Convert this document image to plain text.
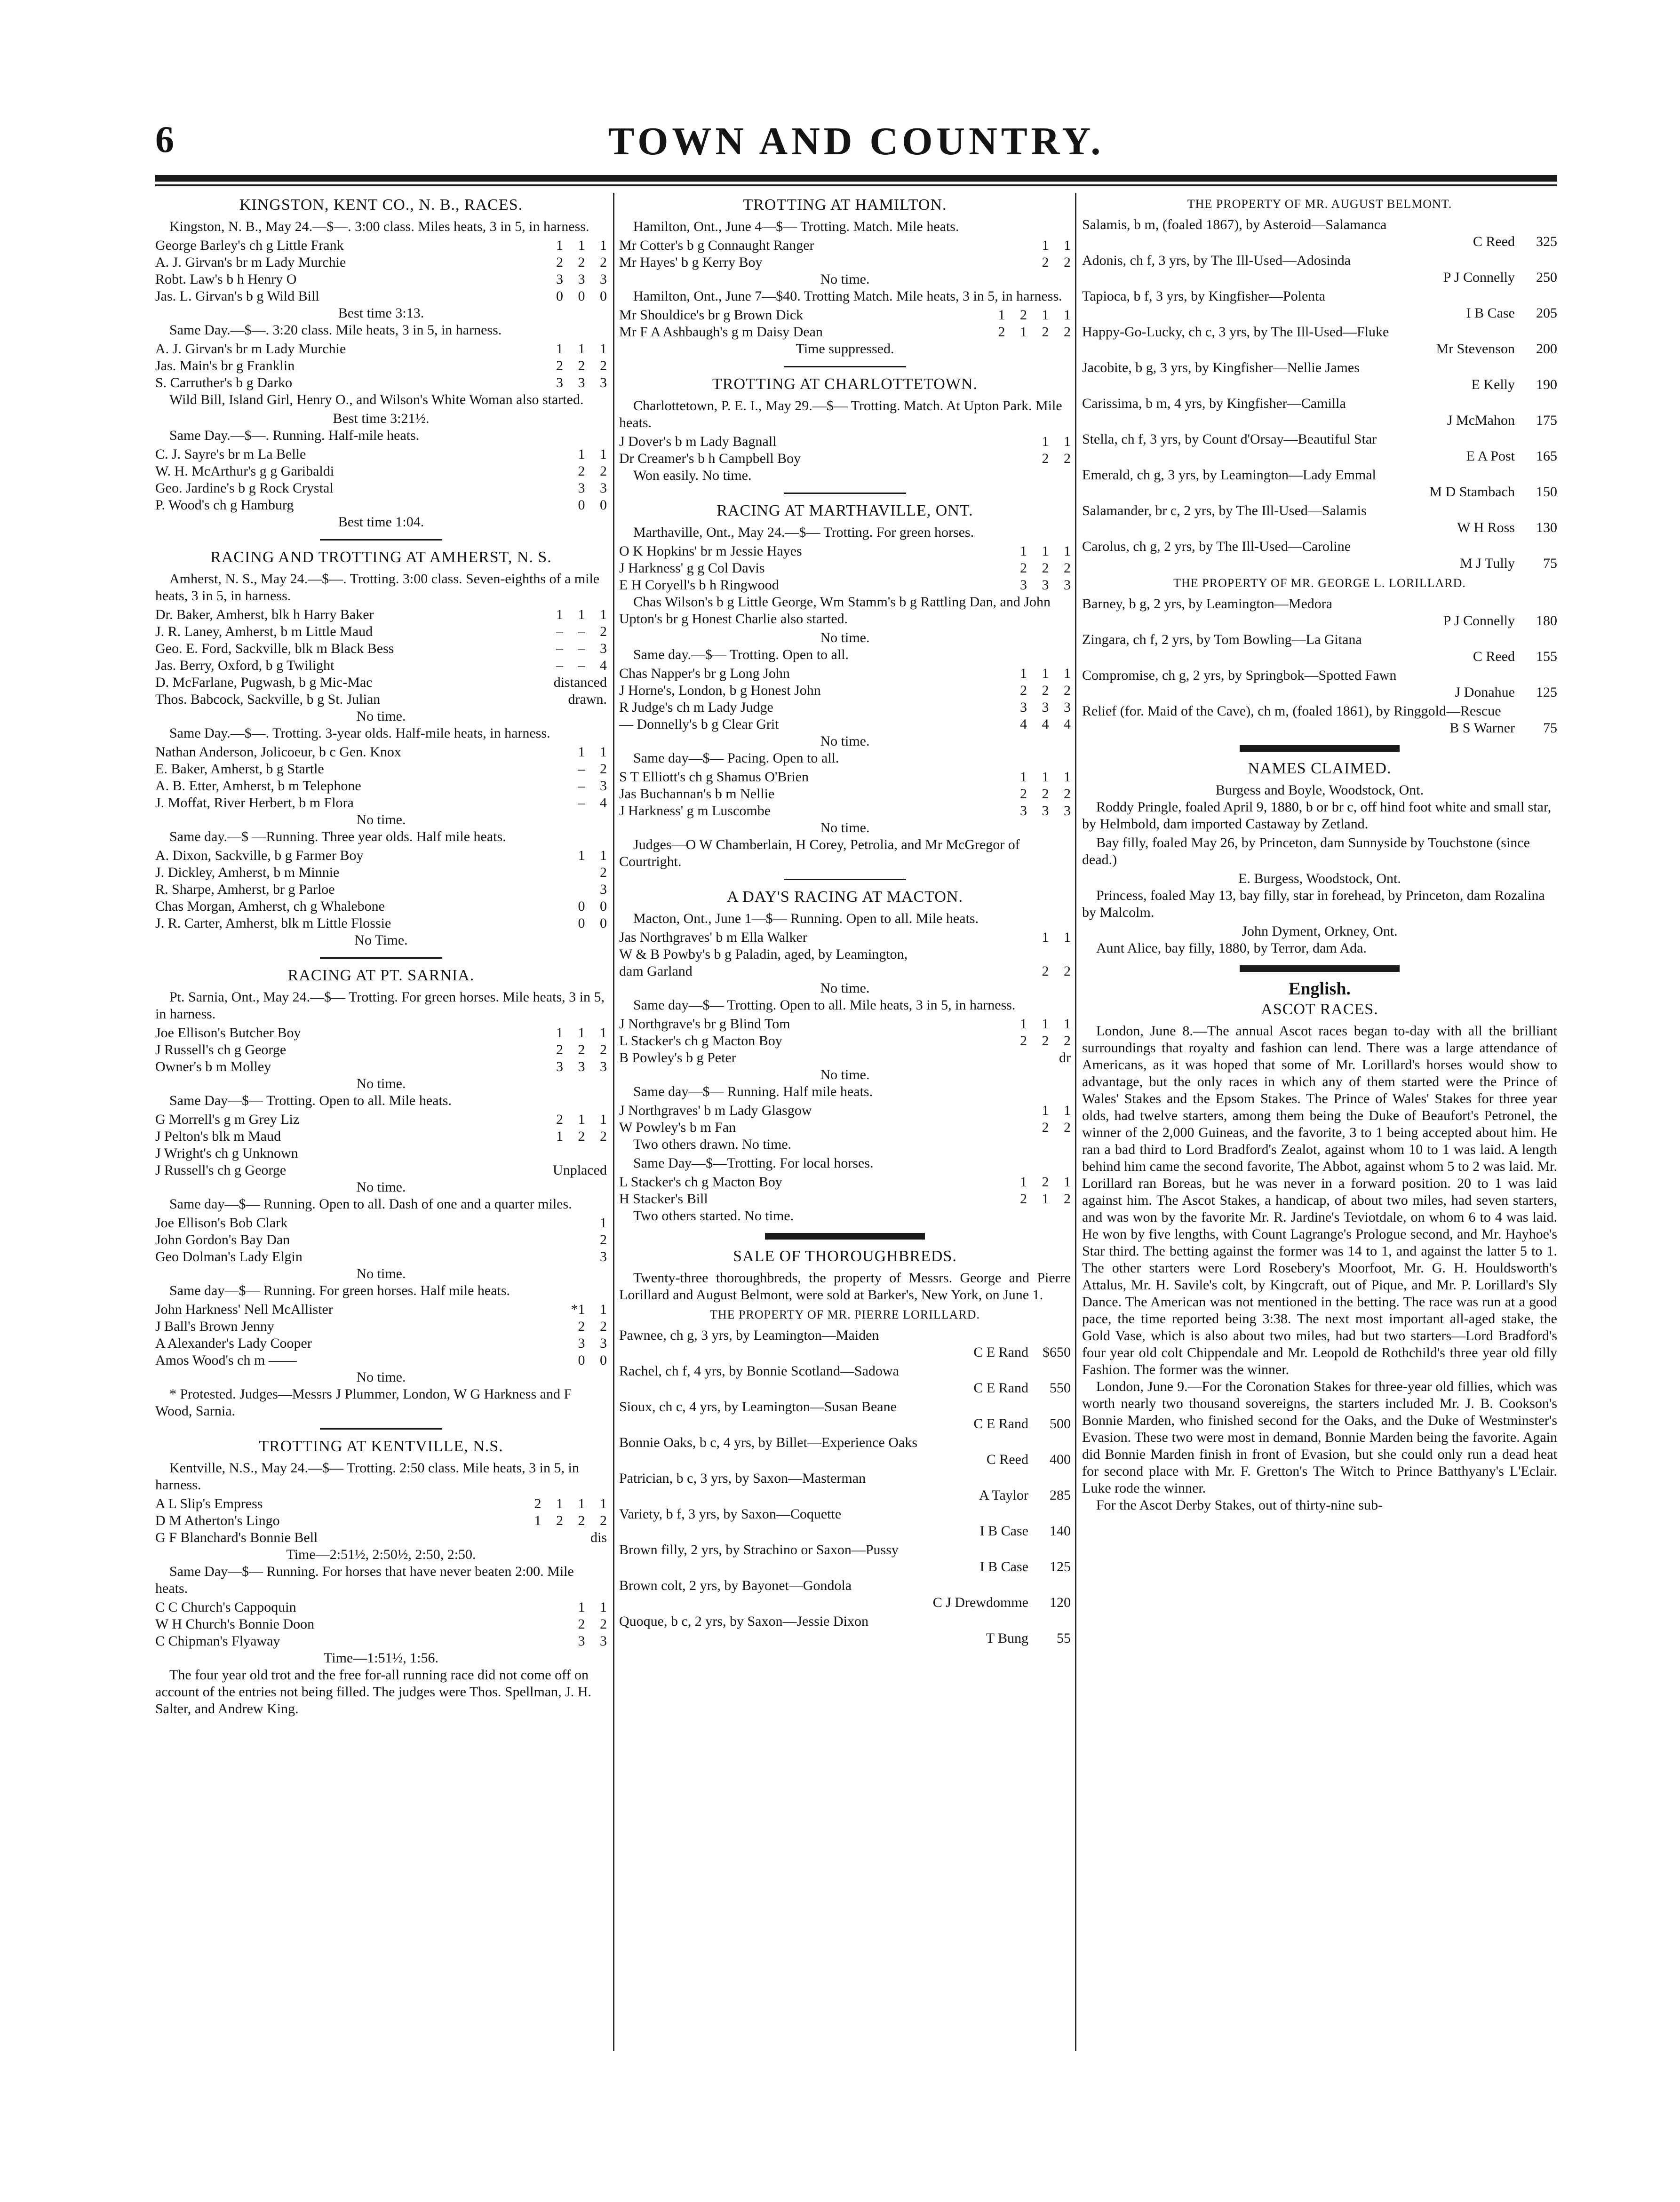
6	TOWN AND COUNTRY.
KINGSTON, KENT CO., N. B., RACES.

Kingston, N. B., May 24.—$—. 3:00 class. Miles heats, 3 in 5, in harness.

George Barley's ch g Little Frank	1 1 1
A. J. Girvan's br m Lady Murchie	2 2 2
Robt. Law's b h Henry O	3 3 3
Jas. L. Girvan's b g Wild Bill	0 0 0

Best time 3:13.

Same Day.—$—. 3:20 class. Mile heats, 3 in 5, in harness.

A. J. Girvan's br m Lady Murchie	1 1 1
Jas. Main's br g Franklin	2 2 2
S. Carruther's b g Darko	3 3 3

Wild Bill, Island Girl, Henry O., and Wilson's White Woman also started.

Best time 3:21½.

Same Day.—$—. Running. Half-mile heats.

C. J. Sayre's br m La Belle	1 1
W. H. McArthur's g g Garibaldi	2 2
Geo. Jardine's b g Rock Crystal	3 3
P. Wood's ch g Hamburg	0 0

Best time 1:04.

RACING AND TROTTING AT AMHERST, N. S.

Amherst, N. S., May 24.—$—. Trotting. 3:00 class. Seven-eighths of a mile heats, 3 in 5, in harness.

Dr. Baker, Amherst, blk h Harry Baker	1 1 1
J. R. Laney, Amherst, b m Little Maud	– – 2
Geo. E. Ford, Sackville, blk m Black Bess	– – 3
Jas. Berry, Oxford, b g Twilight	– – 4
D. McFarlane, Pugwash, b g Mic-Mac	distanced
Thos. Babcock, Sackville, b g St. Julian	drawn.

No time.

Same Day.—$—. Trotting. 3-year olds. Half-mile heats, in harness.

Nathan Anderson, Jolicoeur, b c Gen. Knox	1 1
E. Baker, Amherst, b g Startle	– 2
A. B. Etter, Amherst, b m Telephone	– 3
J. Moffat, River Herbert, b m Flora	– 4

No time.

Same day.—$ —Running. Three year olds. Half mile heats.

A. Dixon, Sackville, b g Farmer Boy	1 1
J. Dickley, Amherst, b m Minnie	2
R. Sharpe, Amherst, br g Parloe	3
Chas Morgan, Amherst, ch g Whalebone	0 0
J. R. Carter, Amherst, blk m Little Flossie	0 0

No Time.

RACING AT PT. SARNIA.

Pt. Sarnia, Ont., May 24.—$— Trotting. For green horses. Mile heats, 3 in 5, in harness.

Joe Ellison's Butcher Boy	1 1 1
J Russell's ch g George	2 2 2
Owner's b m Molley	3 3 3

No time.

Same Day—$— Trotting. Open to all. Mile heats.

G Morrell's g m Grey Liz	2 1 1
J Pelton's blk m Maud	1 2 2
J Wright's ch g Unknown
J Russell's ch g George	Unplaced

No time.

Same day—$— Running. Open to all. Dash of one and a quarter miles.

Joe Ellison's Bob Clark	1
John Gordon's Bay Dan	2
Geo Dolman's Lady Elgin	3

No time.

Same day—$— Running. For green horses. Half mile heats.

John Harkness' Nell McAllister	*1 1
J Ball's Brown Jenny	2 2
A Alexander's Lady Cooper	3 3
Amos Wood's ch m ——	0 0

No time.

* Protested. Judges—Messrs J Plummer, London, W G Harkness and F Wood, Sarnia.

TROTTING AT KENTVILLE, N.S.

Kentville, N.S., May 24.—$— Trotting. 2:50 class. Mile heats, 3 in 5, in harness.

A L Slip's Empress	2 1 1 1
D M Atherton's Lingo	1 2 2 2
G F Blanchard's Bonnie Bell	dis

Time—2:51½, 2:50½, 2:50, 2:50.

Same Day—$— Running. For horses that have never beaten 2:00. Mile heats.

C C Church's Cappoquin	1 1
W H Church's Bonnie Doon	2 2
C Chipman's Flyaway	3 3

Time—1:51½, 1:56.

The four year old trot and the free for-all running race did not come off on account of the entries not being filled. The judges were Thos. Spellman, J. H. Salter, and Andrew King.

TROTTING AT HAMILTON.

Hamilton, Ont., June 4—$— Trotting. Match. Mile heats.

Mr Cotter's b g Connaught Ranger	1 1
Mr Hayes' b g Kerry Boy	2 2

No time.

Hamilton, Ont., June 7—$40. Trotting Match. Mile heats, 3 in 5, in harness.

Mr Shouldice's br g Brown Dick	1 2 1 1
Mr F A Ashbaugh's g m Daisy Dean	2 1 2 2

Time suppressed.

TROTTING AT CHARLOTTETOWN.

Charlottetown, P. E. I., May 29.—$— Trotting. Match. At Upton Park. Mile heats.

J Dover's b m Lady Bagnall	1 1
Dr Creamer's b h Campbell Boy	2 2

Won easily. No time.

RACING AT MARTHAVILLE, ONT.

Marthaville, Ont., May 24.—$— Trotting. For green horses.

O K Hopkins' br m Jessie Hayes	1 1 1
J Harkness' g g Col Davis	2 2 2
E H Coryell's b h Ringwood	3 3 3

Chas Wilson's b g Little George, Wm Stamm's b g Rattling Dan, and John Upton's br g Honest Charlie also started.

No time.

Same day.—$— Trotting. Open to all.

Chas Napper's br g Long John	1 1 1
J Horne's, London, b g Honest John	2 2 2
R Judge's ch m Lady Judge	3 3 3
— Donnelly's b g Clear Grit	4 4 4

No time.

Same day—$— Pacing. Open to all.

S T Elliott's ch g Shamus O'Brien	1 1 1
Jas Buchannan's b m Nellie	2 2 2
J Harkness' g m Luscombe	3 3 3

No time.

Judges—O W Chamberlain, H Corey, Petrolia, and Mr McGregor of Courtright.

A DAY'S RACING AT MACTON.

Macton, Ont., June 1—$— Running. Open to all. Mile heats.

Jas Northgraves' b m Ella Walker	1 1
W & B Powby's b g Paladin, aged, by Leamington,
dam Garland	2 2

No time.

Same day—$— Trotting. Open to all. Mile heats, 3 in 5, in harness.

J Northgrave's br g Blind Tom	1 1 1
L Stacker's ch g Macton Boy	2 2 2
B Powley's b g Peter	dr

No time.

Same day—$— Running. Half mile heats.

J Northgraves' b m Lady Glasgow	1 1
W Powley's b m Fan	2 2

Two others drawn. No time.

Same Day—$—Trotting. For local horses.

L Stacker's ch g Macton Boy	1 2 1
H Stacker's Bill	2 1 2

Two others started. No time.

SALE OF THOROUGHBREDS.

Twenty-three thoroughbreds, the property of Messrs. George and Pierre Lorillard and August Belmont, were sold at Barker's, New York, on June 1.

THE PROPERTY OF MR. PIERRE LORILLARD.
Pawnee, ch g, 3 yrs, by Leamington—Maiden
C E Rand	$650
Rachel, ch f, 4 yrs, by Bonnie Scotland—Sadowa
C E Rand	550
Sioux, ch c, 4 yrs, by Leamington—Susan Beane
C E Rand	500
Bonnie Oaks, b c, 4 yrs, by Billet—Experience Oaks
C Reed	400
Patrician, b c, 3 yrs, by Saxon—Masterman
A Taylor	285
Variety, b f, 3 yrs, by Saxon—Coquette
I B Case	140
Brown filly, 2 yrs, by Strachino or Saxon—Pussy
I B Case	125
Brown colt, 2 yrs, by Bayonet—Gondola
C J Drewdomme	120
Quoque, b c, 2 yrs, by Saxon—Jessie Dixon
T Bung	55
THE PROPERTY OF MR. AUGUST BELMONT.
Salamis, b m, (foaled 1867), by Asteroid—Salamanca
C Reed	325
Adonis, ch f, 3 yrs, by The Ill-Used—Adosinda
P J Connelly	250
Tapioca, b f, 3 yrs, by Kingfisher—Polenta
I B Case	205
Happy-Go-Lucky, ch c, 3 yrs, by The Ill-Used—Fluke
Mr Stevenson	200
Jacobite, b g, 3 yrs, by Kingfisher—Nellie James
E Kelly	190
Carissima, b m, 4 yrs, by Kingfisher—Camilla
J McMahon	175
Stella, ch f, 3 yrs, by Count d'Orsay—Beautiful Star
E A Post	165
Emerald, ch g, 3 yrs, by Leamington—Lady Emmal
M D Stambach	150
Salamander, br c, 2 yrs, by The Ill-Used—Salamis
W H Ross	130
Carolus, ch g, 2 yrs, by The Ill-Used—Caroline
M J Tully	75
THE PROPERTY OF MR. GEORGE L. LORILLARD.
Barney, b g, 2 yrs, by Leamington—Medora
P J Connelly	180
Zingara, ch f, 2 yrs, by Tom Bowling—La Gitana
C Reed	155
Compromise, ch g, 2 yrs, by Springbok—Spotted Fawn
J Donahue	125
Relief (for. Maid of the Cave), ch m, (foaled 1861), by Ringgold—Rescue
B S Warner	75
NAMES CLAIMED.

Burgess and Boyle, Woodstock, Ont.

Roddy Pringle, foaled April 9, 1880, b or br c, off hind foot white and small star, by Helmbold, dam imported Castaway by Zetland.

Bay filly, foaled May 26, by Princeton, dam Sunnyside by Touchstone (since dead.)

E. Burgess, Woodstock, Ont.

Princess, foaled May 13, bay filly, star in forehead, by Princeton, dam Rozalina by Malcolm.

John Dyment, Orkney, Ont.

Aunt Alice, bay filly, 1880, by Terror, dam Ada.

English.
ASCOT RACES.

London, June 8.—The annual Ascot races began to-day with all the brilliant surroundings that royalty and fashion can lend. There was a large attendance of Americans, as it was hoped that some of Mr. Lorillard's horses would show to advantage, but the only races in which any of them started were the Prince of Wales' Stakes and the Epsom Stakes. The Prince of Wales' Stakes for three year olds, had twelve starters, among them being the Duke of Beaufort's Petronel, the winner of the 2,000 Guineas, and the favorite, 3 to 1 being accepted about him. He ran a bad third to Lord Bradford's Zealot, against whom 10 to 1 was laid. A length behind him came the second favorite, The Abbot, against whom 5 to 2 was laid. Mr. Lorillard ran Boreas, but he was never in a forward position. 20 to 1 was laid against him. The Ascot Stakes, a handicap, of about two miles, had seven starters, and was won by the favorite Mr. R. Jardine's Teviotdale, on whom 6 to 4 was laid. He won by five lengths, with Count Lagrange's Prologue second, and Mr. Hayhoe's Star third. The betting against the former was 14 to 1, and against the latter 5 to 1. The other starters were Lord Rosebery's Moorfoot, Mr. G. H. Houldsworth's Attalus, Mr. H. Savile's colt, by Kingcraft, out of Pique, and Mr. P. Lorillard's Sly Dance. The American was not mentioned in the betting. The race was run at a good pace, the time reported being 3:38. The next most important all-aged stake, the Gold Vase, which is also about two miles, had but two starters—Lord Bradford's four year old colt Chippendale and Mr. Leopold de Rothchild's three year old filly Fashion. The former was the winner.

London, June 9.—For the Coronation Stakes for three-year old fillies, which was worth nearly two thousand sovereigns, the starters included Mr. J. B. Cookson's Bonnie Marden, who finished second for the Oaks, and the Duke of Westminster's Evasion. These two were most in demand, Bonnie Marden being the favorite. Again did Bonnie Marden finish in front of Evasion, but she could only run a dead heat for second place with Mr. F. Gretton's The Witch to Prince Batthyany's L'Eclair. Luke rode the winner.

For the Ascot Derby Stakes, out of thirty-nine sub-
